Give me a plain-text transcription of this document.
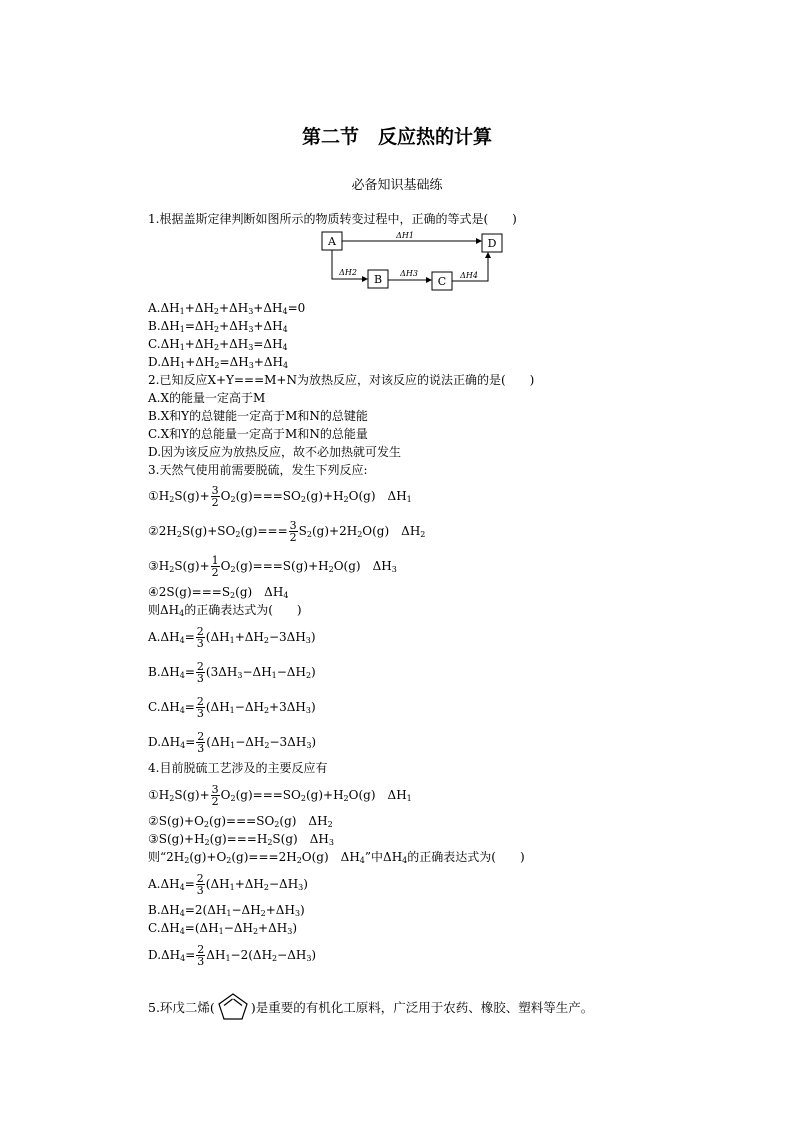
第二节　反应热的计算
必备知识基础练
1.根据盖斯定律判断如图所示的物质转变过程中，正确的等式是(　　)
A	D
B	C
ΔH1
ΔH2	ΔH3	ΔH4
$A.\Delta H_1+\Delta H_2+\Delta H_3+\Delta H_4=0$
$B.\Delta H_1=\Delta H_2+\Delta H_3+\Delta H_4$
$C.\Delta H_1+\Delta H_2+\Delta H_3=\Delta H_4$
$D.\Delta H_1+\Delta H_2=\Delta H_3+\Delta H_4$
2.已知反应X+Y===M+N为放热反应，对该反应的说法正确的是(　　)
A.X的能量一定高于M
B.X和Y的总键能一定高于M和N的总键能
C.X和Y的总能量一定高于M和N的总能量
D.因为该反应为放热反应，故不必加热就可发生
3.天然气使用前需要脱硫，发生下列反应:
$①H_2S(g)+ \frac{3}{2} O_2(g)===SO_2(g)+H_2O(g)$　$\Delta H_1$
$②2H_2S(g)+SO_2(g)=== \frac{3}{2} S_2(g)+2H_2O(g)$　$\Delta H_2$
$③H_2S(g)+ \frac{1}{2} O_2(g)===S(g)+H_2O(g)$　$\Delta H_3$
$④2S(g)===S_2(g)$　$\Delta H_4$
则$\Delta H_4$的正确表达式为(　　)
$A.\Delta H_4= \frac{2}{3} (\Delta H_1+\Delta H_2-3\Delta H_3)$
$B.\Delta H_4= \frac{2}{3} (3\Delta H_3-\Delta H_1-\Delta H_2)$
$C.\Delta H_4= \frac{2}{3} (\Delta H_1-\Delta H_2+3\Delta H_3)$
$D.\Delta H_4= \frac{2}{3} (\Delta H_1-\Delta H_2-3\Delta H_3)$
4.目前脱硫工艺涉及的主要反应有
$①H_2S(g)+ \frac{3}{2} O_2(g)===SO_2(g)+H_2O(g)$　$\Delta H_1$
$②S(g)+O_2(g)===SO_2(g)$　$\Delta H_2$
$③S(g)+H_2(g)===H_2S(g)$　$\Delta H_3$
则“$2H_2(g)+O_2(g)===2H_2O(g)$　$\Delta H_4$”中$\Delta H_4$的正确表达式为(　　)
$A.\Delta H_4= \frac{2}{3} (\Delta H_1+\Delta H_2-\Delta H_3)$
$B.\Delta H_4=2(\Delta H_1-\Delta H_2+\Delta H_3)$
$C.\Delta H_4=(\Delta H_1-\Delta H_2+\Delta H_3)$
$D.\Delta H_4= \frac{2}{3} \Delta H_1-2(\Delta H_2-\Delta H_3)$
5.环戊二烯(	)是重要的有机化工原料，广泛用于农药、橡胶、塑料等生产。
